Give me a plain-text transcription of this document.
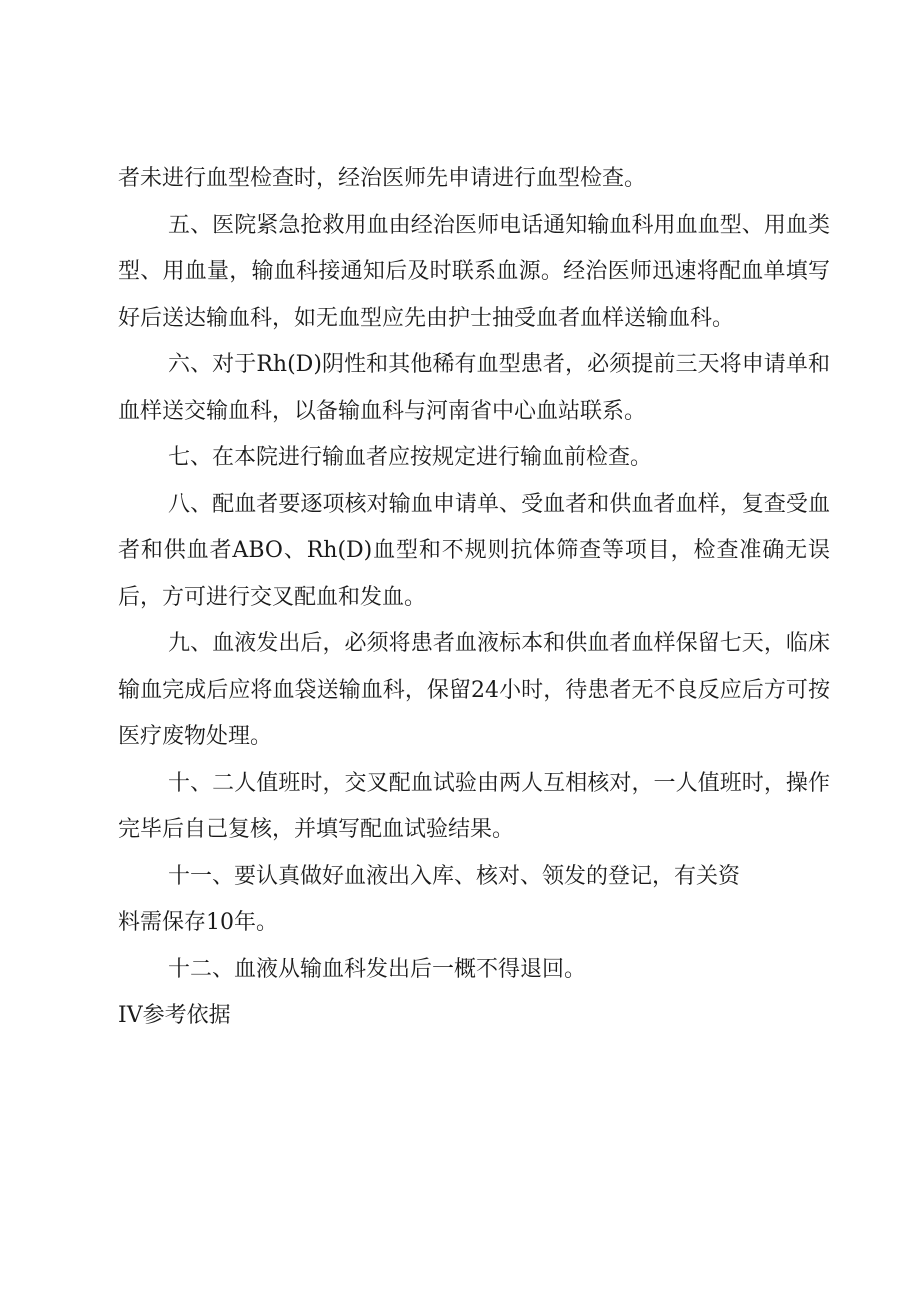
者未进行血型检查时，经治医师先申请进行血型检查。

五、医院紧急抢救用血由经治医师电话通知输血科用血血型、用血类型、用血量，输血科接通知后及时联系血源。经治医师迅速将配血单填写好后送达输血科，如无血型应先由护士抽受血者血样送输血科。

六、对于Rh(D)阴性和其他稀有血型患者，必须提前三天将申请单和血样送交输血科，以备输血科与河南省中心血站联系。

七、在本院进行输血者应按规定进行输血前检查。

八、配血者要逐项核对输血申请单、受血者和供血者血样，复查受血者和供血者ABO、Rh(D)血型和不规则抗体筛查等项目，检查准确无误后，方可进行交叉配血和发血。

九、血液发出后，必须将患者血液标本和供血者血样保留七天，临床输血完成后应将血袋送输血科，保留24小时，待患者无不良反应后方可按医疗废物处理。

十、二人值班时，交叉配血试验由两人互相核对，一人值班时，操作完毕后自己复核，并填写配血试验结果。

十一、要认真做好血液出入库、核对、领发的登记，有关资

料需保存10年。

十二、血液从输血科发出后一概不得退回。

IV参考依据
